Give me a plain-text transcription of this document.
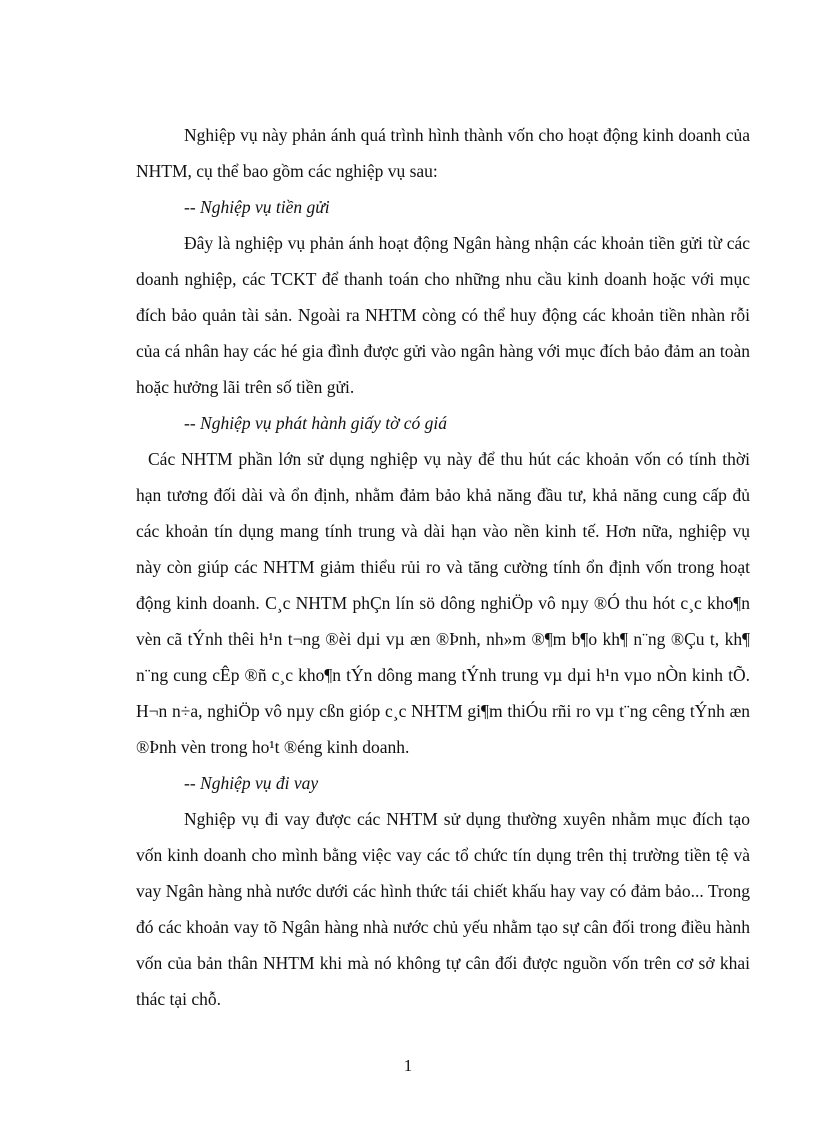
Nghiệp vụ này phản ánh quá trình hình thành vốn cho hoạt động kinh doanh của NHTM, cụ thể bao gồm các nghiệp vụ sau:

-- Nghiệp vụ tiền gửi

Đây là nghiệp vụ phản ánh hoạt động Ngân hàng nhận các khoản tiền gửi từ các doanh nghiệp, các TCKT để thanh toán cho những nhu cầu kinh doanh hoặc với mục đích bảo quản tài sản. Ngoài ra NHTM còng có thể huy động các khoản tiền nhàn rỗi của cá nhân hay các hé gia đình được gửi vào ngân hàng với mục đích bảo đảm an toàn hoặc hưởng lãi trên số tiền gửi.

-- Nghiệp vụ phát hành giấy tờ có giá

Các NHTM phần lớn sử dụng nghiệp vụ này để thu hút các khoản vốn có tính thời hạn tương đối dài và ổn định, nhằm đảm bảo khả năng đầu tư, khả năng cung cấp đủ các khoản tín dụng mang tính trung và dài hạn vào nền kinh tế. Hơn nữa, nghiệp vụ này còn giúp các NHTM giảm thiểu rủi ro và tăng cường tính ổn định vốn trong hoạt động kinh doanh. C¸c NHTM phÇn lín sö dông nghiÖp vô nµy ®Ó thu hót c¸c kho¶n vèn cã tÝnh thêi h¹n t¬ng ®èi dµi vµ æn ®Þnh, nh»m ®¶m b¶o kh¶ n¨ng ®Çu t, kh¶ n¨ng cung cÊp ®ñ c¸c kho¶n tÝn dông mang tÝnh trung vµ dµi h¹n vµo nÒn kinh tÕ. H¬n n÷a, nghiÖp vô nµy cßn gióp c¸c NHTM gi¶m thiÓu rñi ro vµ t¨ng cêng tÝnh æn ®Þnh vèn trong ho¹t ®éng kinh doanh.

-- Nghiệp vụ đi vay

Nghiệp vụ đi vay được các NHTM sử dụng thường xuyên nhằm mục đích tạo vốn kinh doanh cho mình bằng việc vay các tổ chức tín dụng trên thị trường tiền tệ và vay Ngân hàng nhà nước dưới các hình thức tái chiết khấu hay vay có đảm bảo... Trong đó các khoản vay tõ Ngân hàng nhà nước chủ yếu nhằm tạo sự cân đối trong điều hành vốn của bản thân NHTM khi mà nó không tự cân đối được nguồn vốn trên cơ sở khai thác tại chỗ.

1
